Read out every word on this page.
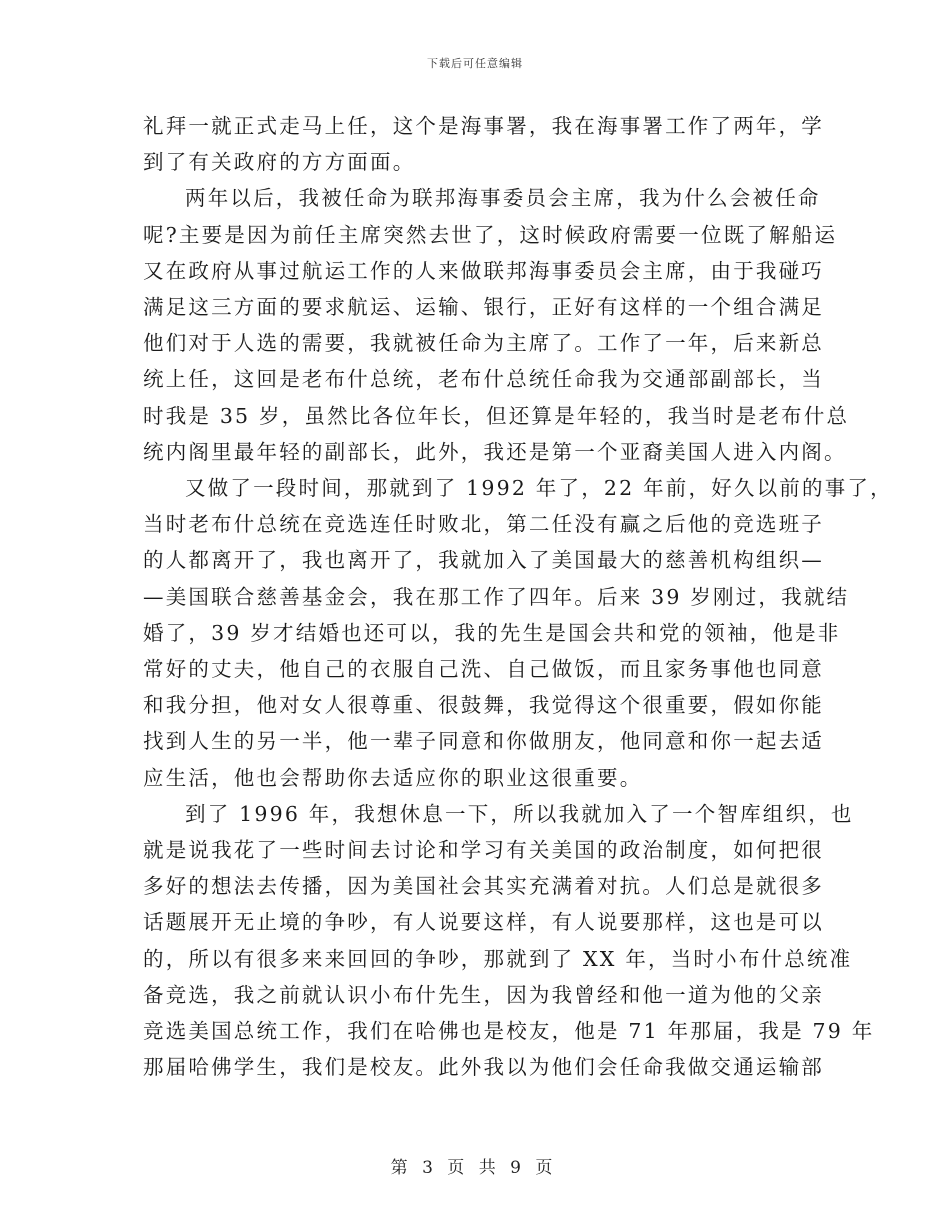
下载后可任意编辑

礼拜一就正式走马上任，这个是海事署，我在海事署工作了两年，学
到了有关政府的方方面面。

两年以后，我被任命为联邦海事委员会主席，我为什么会被任命
呢?主要是因为前任主席突然去世了，这时候政府需要一位既了解船运
又在政府从事过航运工作的人来做联邦海事委员会主席，由于我碰巧
满足这三方面的要求航运、运输、银行，正好有这样的一个组合满足
他们对于人选的需要，我就被任命为主席了。工作了一年，后来新总
统上任，这回是老布什总统，老布什总统任命我为交通部副部长，当
时我是 35 岁，虽然比各位年长，但还算是年轻的，我当时是老布什总
统内阁里最年轻的副部长，此外，我还是第一个亚裔美国人进入内阁。

又做了一段时间，那就到了 1992 年了，22 年前，好久以前的事了，
当时老布什总统在竞选连任时败北，第二任没有赢之后他的竞选班子
的人都离开了，我也离开了，我就加入了美国最大的慈善机构组织—
—美国联合慈善基金会，我在那工作了四年。后来 39 岁刚过，我就结
婚了，39 岁才结婚也还可以，我的先生是国会共和党的领袖，他是非
常好的丈夫，他自己的衣服自己洗、自己做饭，而且家务事他也同意
和我分担，他对女人很尊重、很鼓舞，我觉得这个很重要，假如你能
找到人生的另一半，他一辈子同意和你做朋友，他同意和你一起去适
应生活，他也会帮助你去适应你的职业这很重要。

到了 1996 年，我想休息一下，所以我就加入了一个智库组织，也
就是说我花了一些时间去讨论和学习有关美国的政治制度，如何把很
多好的想法去传播，因为美国社会其实充满着对抗。人们总是就很多
话题展开无止境的争吵，有人说要这样，有人说要那样，这也是可以
的，所以有很多来来回回的争吵，那就到了 XX 年，当时小布什总统准
备竞选，我之前就认识小布什先生，因为我曾经和他一道为他的父亲
竞选美国总统工作，我们在哈佛也是校友，他是 71 年那届，我是 79 年
那届哈佛学生，我们是校友。此外我以为他们会任命我做交通运输部

第 3 页 共 9 页
